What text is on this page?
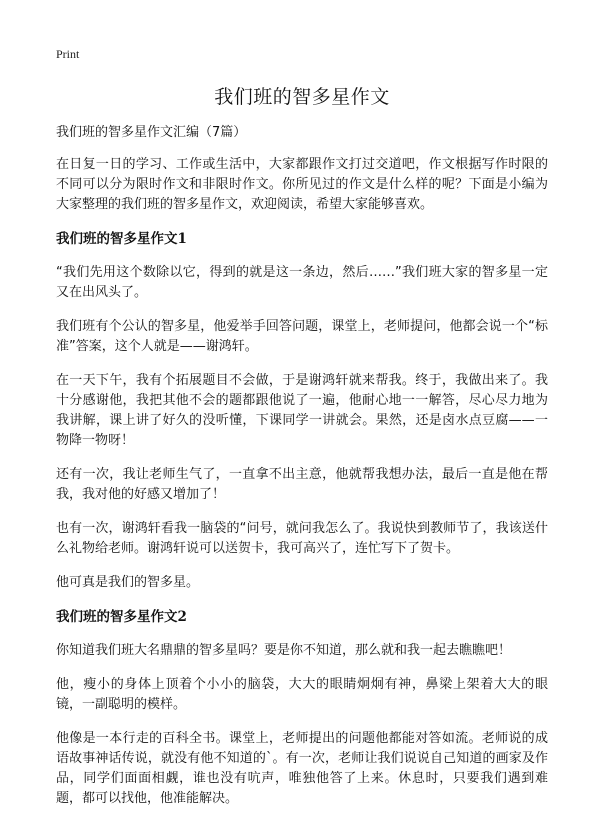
Print
我们班的智多星作文
我们班的智多星作文汇编（7篇）

在日复一日的学习、工作或生活中，大家都跟作文打过交道吧，作文根据写作时限的不同可以分为限时作文和非限时作文。你所见过的作文是什么样的呢？下面是小编为大家整理的我们班的智多星作文，欢迎阅读，希望大家能够喜欢。

我们班的智多星作文1

“我们先用这个数除以它，得到的就是这一条边，然后……”我们班大家的智多星一定又在出风头了。

我们班有个公认的智多星，他爱举手回答问题，课堂上，老师提问，他都会说一个“标准”答案，这个人就是——谢鸿轩。

在一天下午，我有个拓展题目不会做，于是谢鸿轩就来帮我。终于，我做出来了。我十分感谢他，我把其他不会的题都跟他说了一遍，他耐心地一一解答，尽心尽力地为我讲解，课上讲了好久的没听懂，下课同学一讲就会。果然，还是卤水点豆腐——一物降一物呀！

还有一次，我让老师生气了，一直拿不出主意，他就帮我想办法，最后一直是他在帮我，我对他的好感又增加了！

也有一次，谢鸿轩看我一脑袋的“问号，就问我怎么了。我说快到教师节了，我该送什么礼物给老师。谢鸿轩说可以送贺卡，我可高兴了，连忙写下了贺卡。

他可真是我们的智多星。

我们班的智多星作文2

你知道我们班大名鼎鼎的智多星吗？要是你不知道，那么就和我一起去瞧瞧吧！

他，瘦小的身体上顶着个小小的脑袋，大大的眼睛炯炯有神，鼻梁上架着大大的眼镜，一副聪明的模样。

他像是一本行走的百科全书。课堂上，老师提出的问题他都能对答如流。老师说的成语故事神话传说，就没有他不知道的`。有一次，老师让我们说说自己知道的画家及作品，同学们面面相觑，谁也没有吭声，唯独他答了上来。休息时，只要我们遇到难题，都可以找他，他准能解决。
